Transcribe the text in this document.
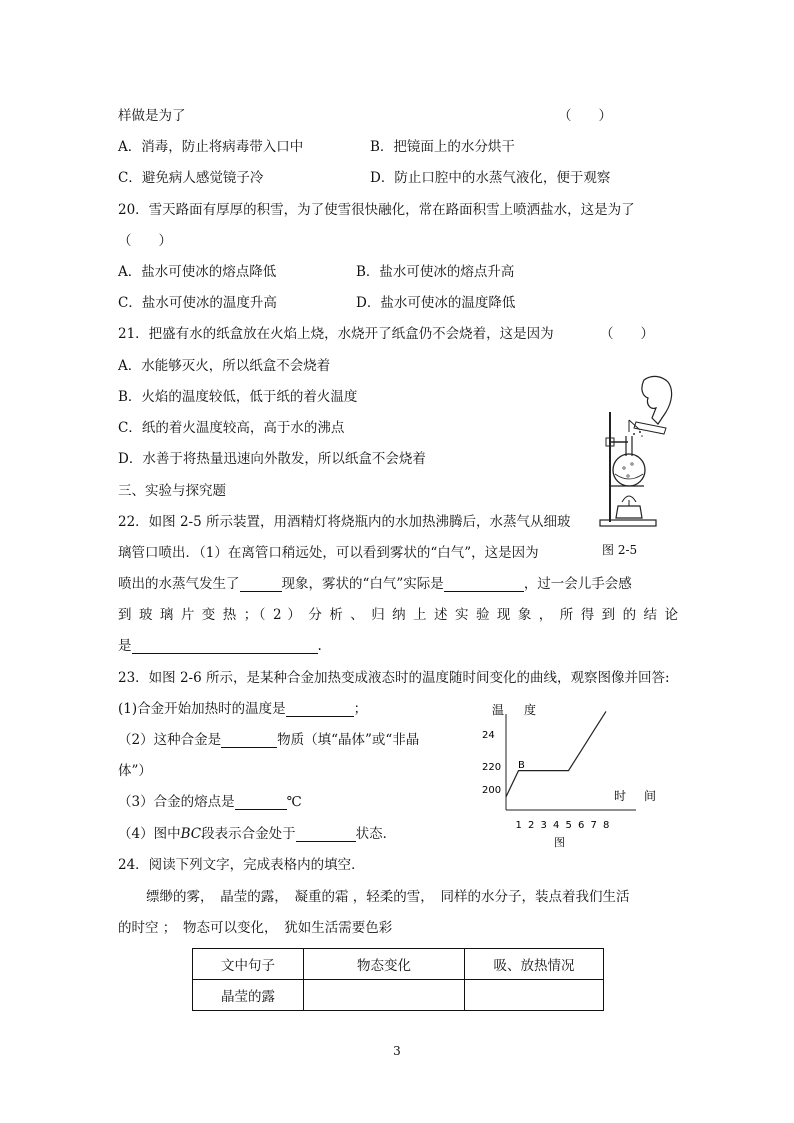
样做是为了	（　　）
A．消毒，防止将病毒带入口中	B．把镜面上的水分烘干
C．避免病人感觉镜子冷	D．防止口腔中的水蒸气液化，便于观察
20．雪天路面有厚厚的积雪，为了使雪很快融化，常在路面积雪上喷洒盐水，这是为了
（　　）
A．盐水可使冰的熔点降低	B．盐水可使冰的熔点升高
C．盐水可使冰的温度升高	D．盐水可使冰的温度降低
21．把盛有水的纸盒放在火焰上烧，水烧开了纸盒仍不会烧着，这是因为	（　　）
A．水能够灭火，所以纸盒不会烧着
B．火焰的温度较低，低于纸的着火温度
C．纸的着火温度较高，高于水的沸点
D．水善于将热量迅速向外散发，所以纸盒不会烧着
三、实验与探究题
22．如图 2-5 所示装置，用酒精灯将烧瓶内的水加热沸腾后，水蒸气从细玻
璃管口喷出．（1）在离管口稍远处，可以看到雾状的“白气”，这是因为	图 2-5
喷出的水蒸气发生了	现象，雾状的“白气”实际是	，过一会儿手会感
到 玻 璃 片 变 热 ；（ 2 ） 分 析 、 归 纳 上 述 实 验 现 象 ， 所 得 到 的 结 论
是	.
23．如图 2-6 所示，是某种合金加热变成液态时的温度随时间变化的曲线，观察图像并回答:
(1)合金开始加热时的温度是	；
（2）这种合金是	物质（填“晶体”或“非晶
体”）
（3）合金的熔点是	℃
（4）图中BC段表示合金处于	状态．
温 度
24
220
200
B
时 间
1 2 3 4 5 6 7 8
图
24．阅读下列文字，完成表格内的填空．
缥缈的雾，　晶莹的露，　凝重的霜 ，轻柔的雪，　同样的水分子，装点着我们生活
的时空 ；　物态可以变化，　犹如生活需要色彩
文中句子	物态变化	吸、放热情况
晶莹的露		
3
